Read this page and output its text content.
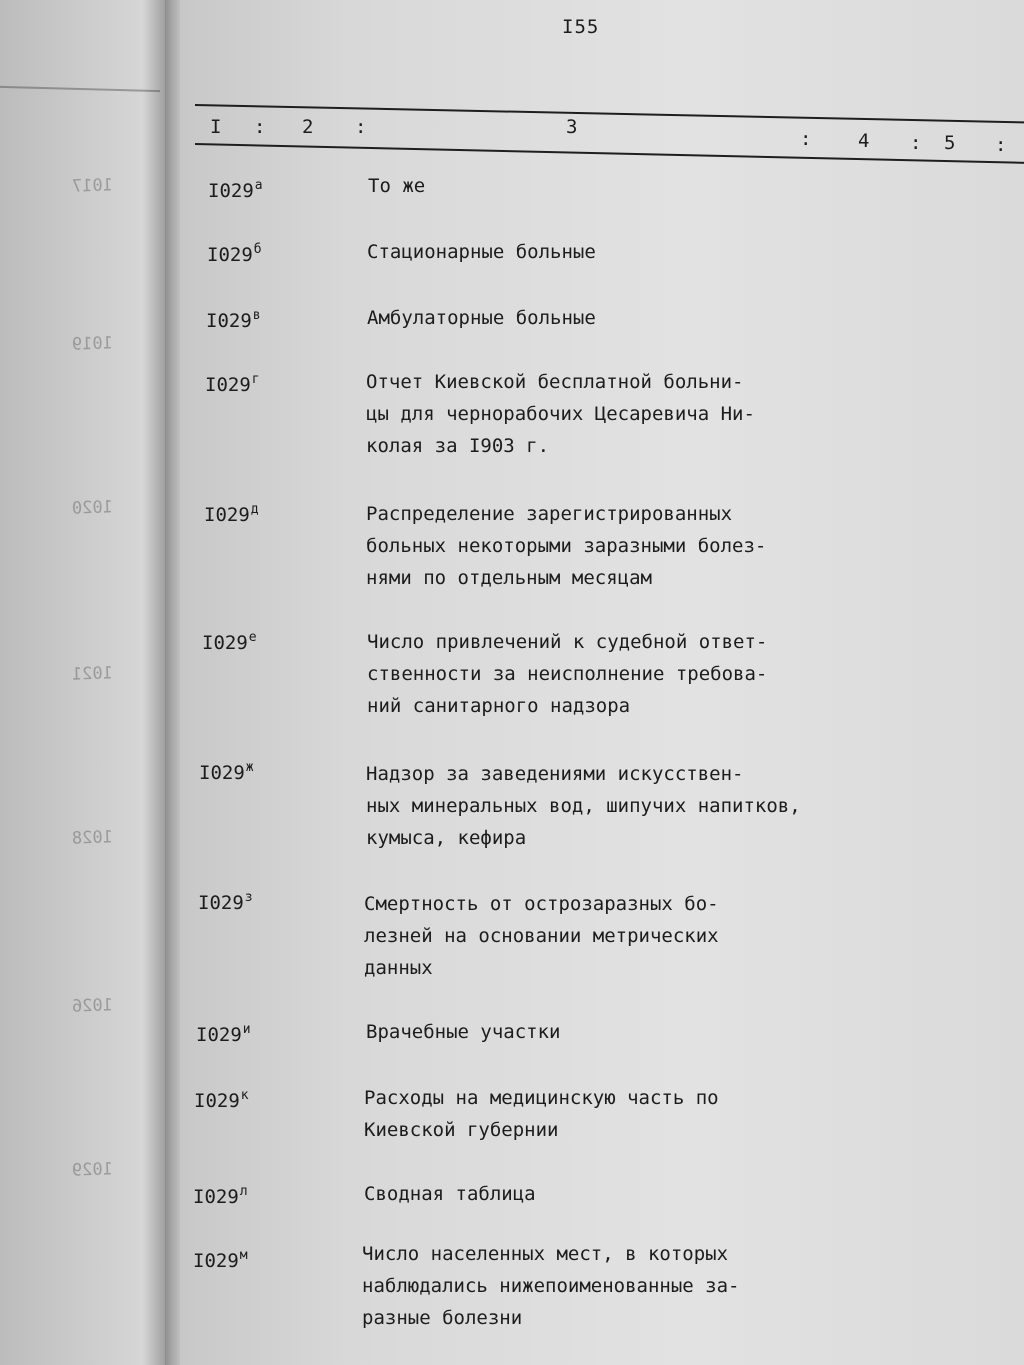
1017
1019
1020
1021
1028
1026
1029
I55
I : 2 :	3
: 4 : 5 :
$I029^а$	То же
$I029^б$	Стационарные больные
$I029^в$	Амбулаторные больные
$I029^г$	Отчет Киевской бесплатной больни-
цы для чернорабочих Цесаревича Ни-
колая за I903 г.
$I029^д$	Распределение зарегистрированных
больных некоторыми заразными болез-
нями по отдельным месяцам
$I029^е$	Число привлечений к судебной ответ-
ственности за неисполнение требова-
ний санитарного надзора
$I029^ж$	Надзор за заведениями искусствен-
ных минеральных вод, шипучих напитков,
кумыса, кефира
$I029^з$	Смертность от острозаразных бо-
лезней на основании метрических
данных
$I029^и$	Врачебные участки
$I029^к$	Расходы на медицинскую часть по
Киевской губернии
$I029^л$	Сводная таблица
$I029^м$	Число населенных мест, в которых
наблюдались нижепоименованные за-
разные болезни
